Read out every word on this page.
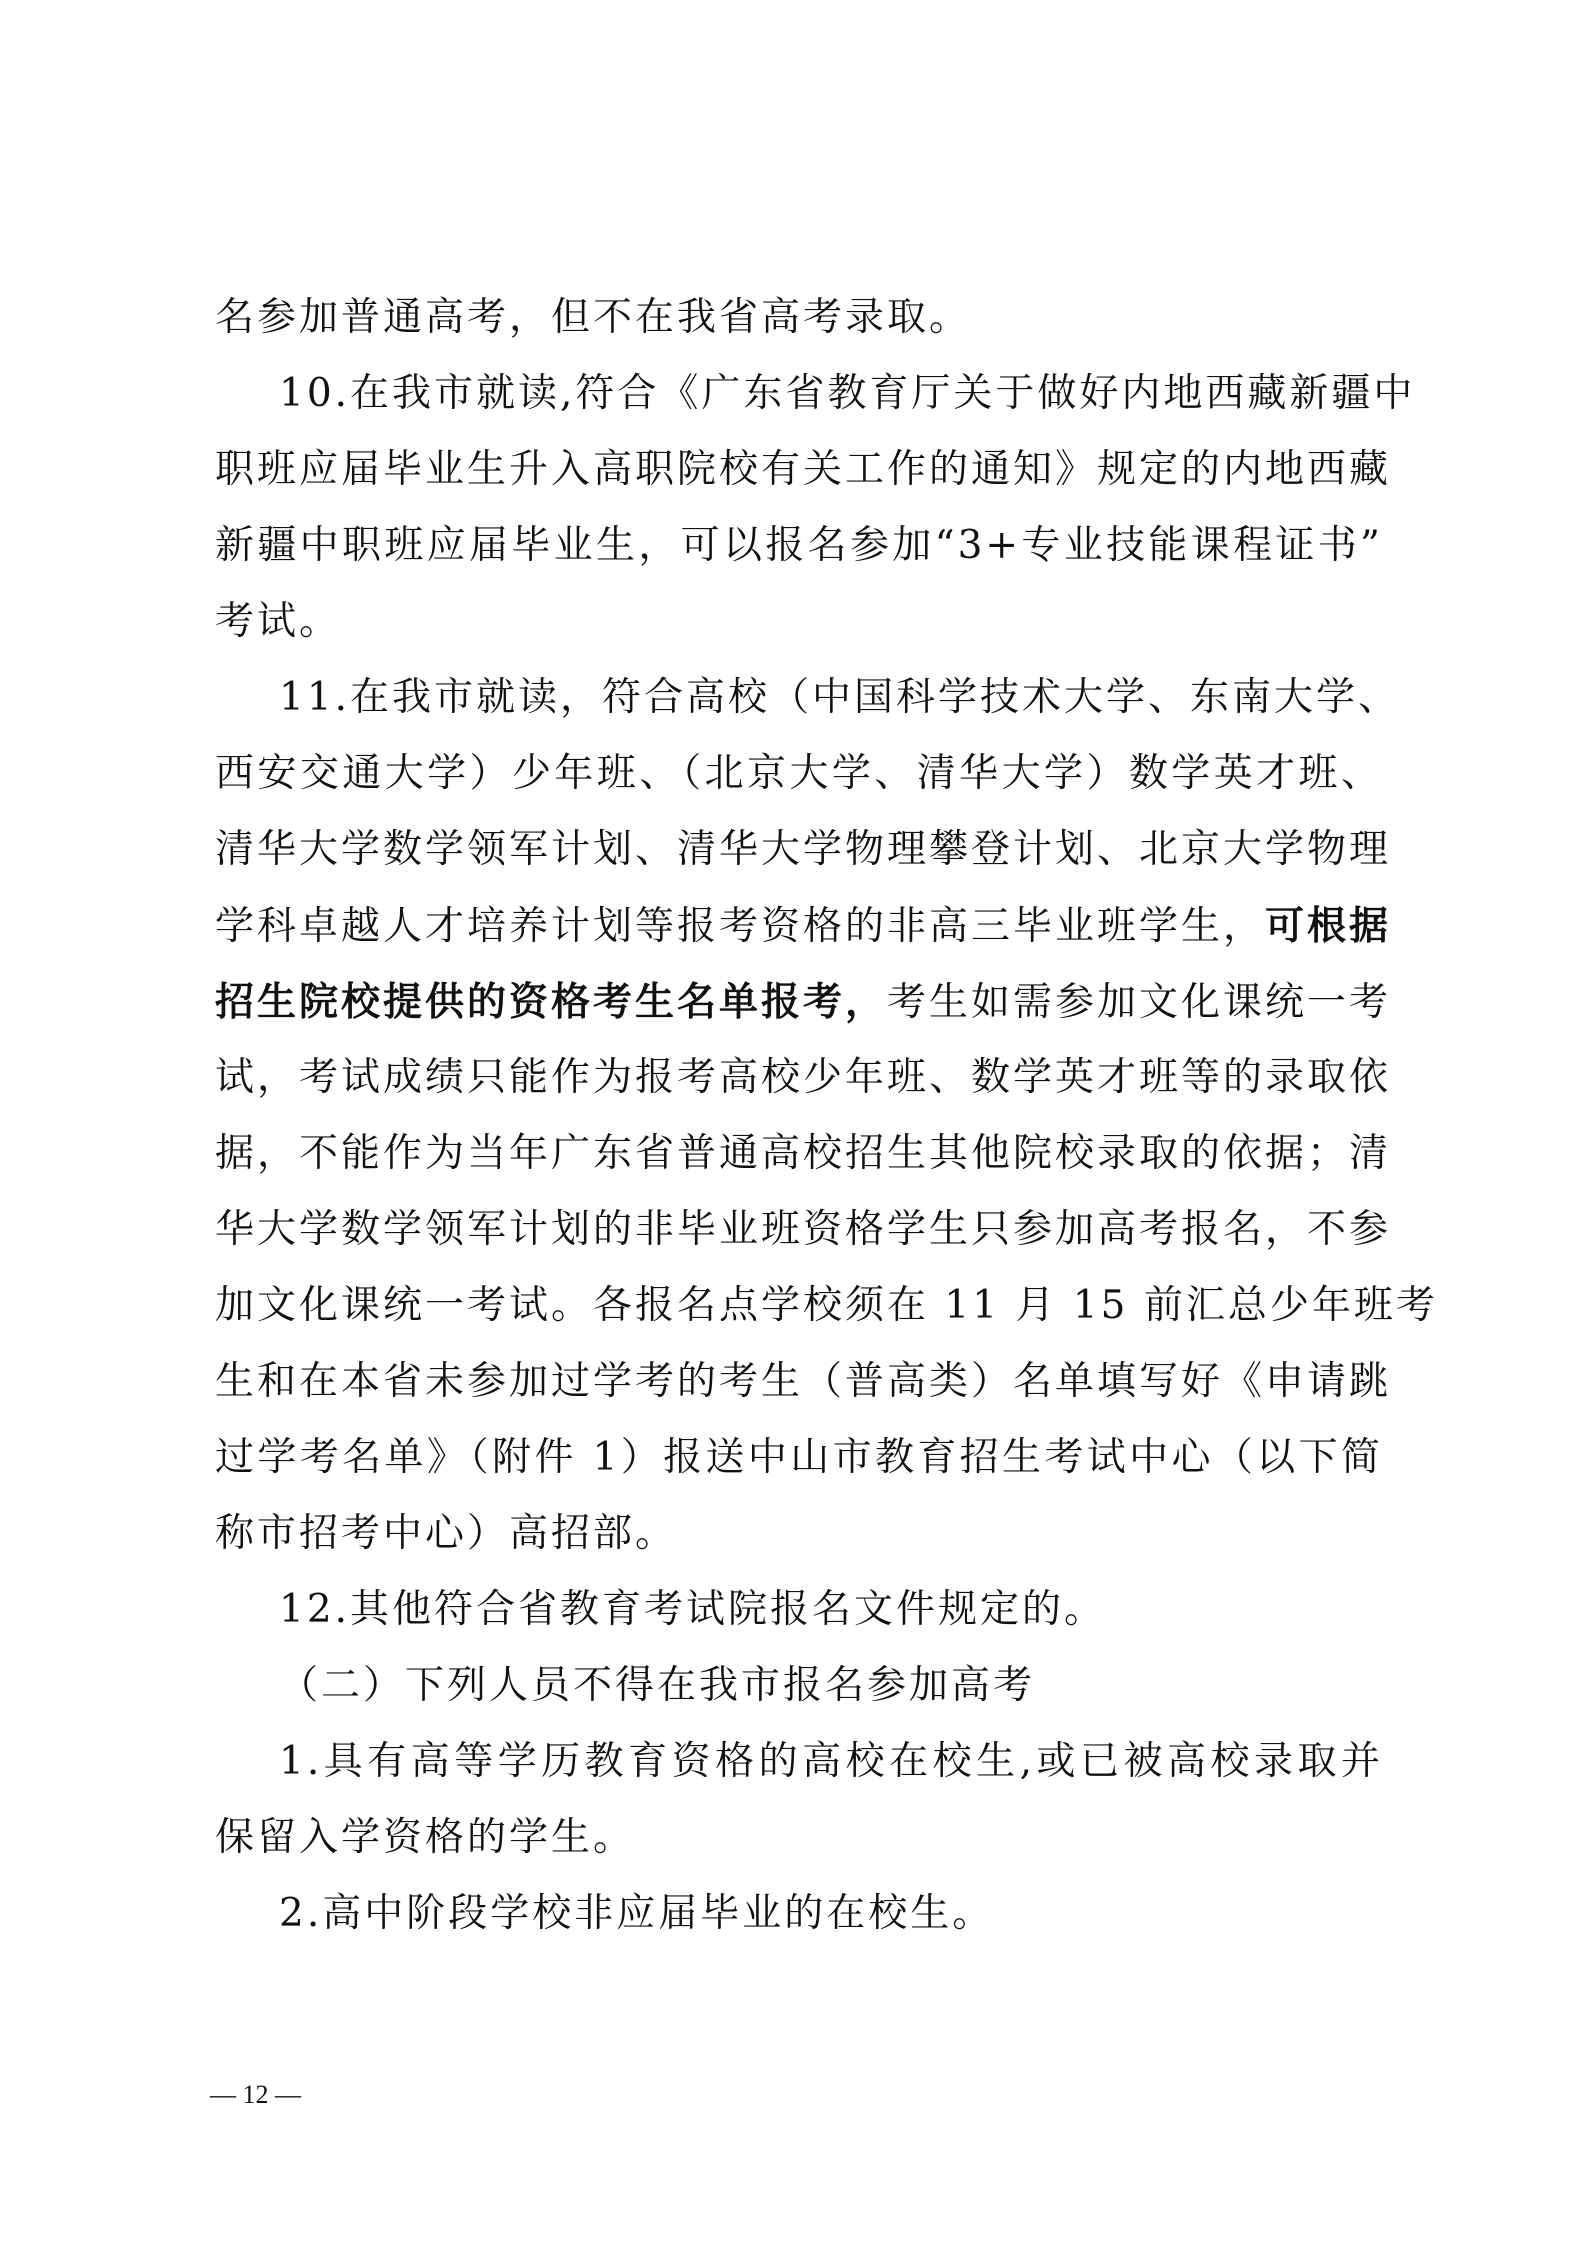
名参加普通高考，但不在我省高考录取。
10.在我市就读,符合《广东省教育厅关于做好内地西藏新疆中
职班应届毕业生升入高职院校有关工作的通知》规定的内地西藏
新疆中职班应届毕业生，可以报名参加“3+专业技能课程证书”
考试。
11.在我市就读，符合高校（中国科学技术大学、东南大学、
西安交通大学）少年班、（北京大学、清华大学）数学英才班、
清华大学数学领军计划、清华大学物理攀登计划、北京大学物理
学科卓越人才培养计划等报考资格的非高三毕业班学生，可根据
招生院校提供的资格考生名单报考，考生如需参加文化课统一考
试，考试成绩只能作为报考高校少年班、数学英才班等的录取依
据，不能作为当年广东省普通高校招生其他院校录取的依据；清
华大学数学领军计划的非毕业班资格学生只参加高考报名，不参
加文化课统一考试。各报名点学校须在 11 月 15 前汇总少年班考
生和在本省未参加过学考的考生（普高类）名单填写好《申请跳
过学考名单》（附件 1）报送中山市教育招生考试中心（以下简
称市招考中心）高招部。
12.其他符合省教育考试院报名文件规定的。
（二）下列人员不得在我市报名参加高考
1.具有高等学历教育资格的高校在校生,或已被高校录取并
保留入学资格的学生。
2.高中阶段学校非应届毕业的在校生。
— 12 —
